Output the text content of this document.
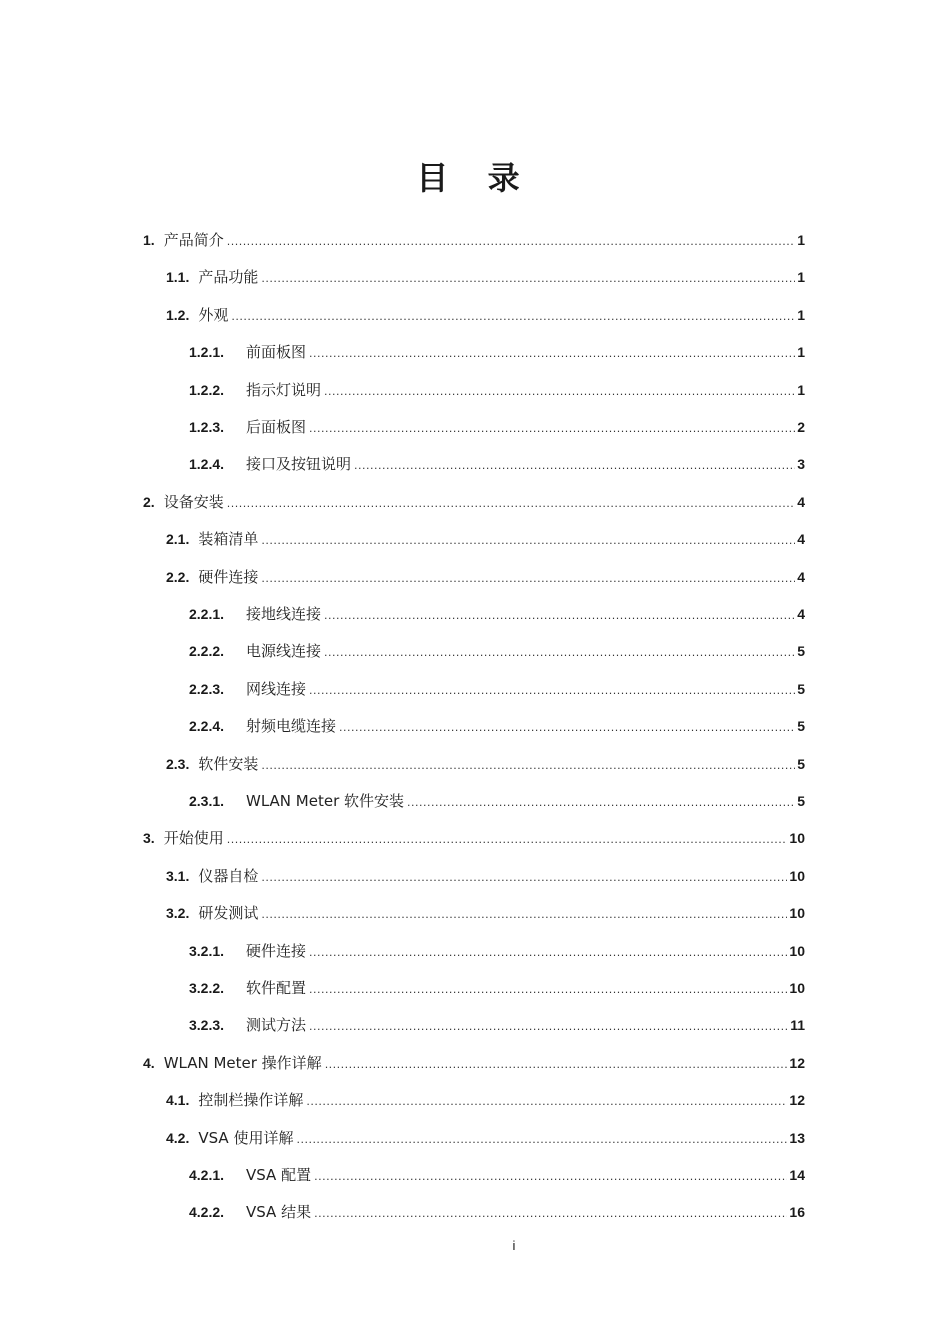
目 录
1. 产品简介 .....	1
1.1. 产品功能 .....	1
1.2. 外观 .....	1
1.2.1.	前面板图 .....	1
1.2.2.	指示灯说明 .....	1
1.2.3.	后面板图 .....	2
1.2.4.	接口及按钮说明 .....	3
2. 设备安装 .....	4
2.1. 装箱清单 .....	4
2.2. 硬件连接 .....	4
2.2.1.	接地线连接 .....	4
2.2.2.	电源线连接 .....	5
2.2.3.	网线连接 .....	5
2.2.4.	射频电缆连接 .....	5
2.3. 软件安装 .....	5
2.3.1.	WLAN Meter 软件安装 .....	5
3. 开始使用 .....	10
3.1. 仪器自检 .....	10
3.2. 研发测试 .....	10
3.2.1.	硬件连接 .....	10
3.2.2.	软件配置 .....	10
3.2.3.	测试方法 .....	11
4. WLAN Meter 操作详解 .....	12
4.1. 控制栏操作详解 .....	12
4.2. VSA 使用详解 .....	13
4.2.1.	VSA 配置 .....	14
4.2.2.	VSA 结果 .....	16
i
